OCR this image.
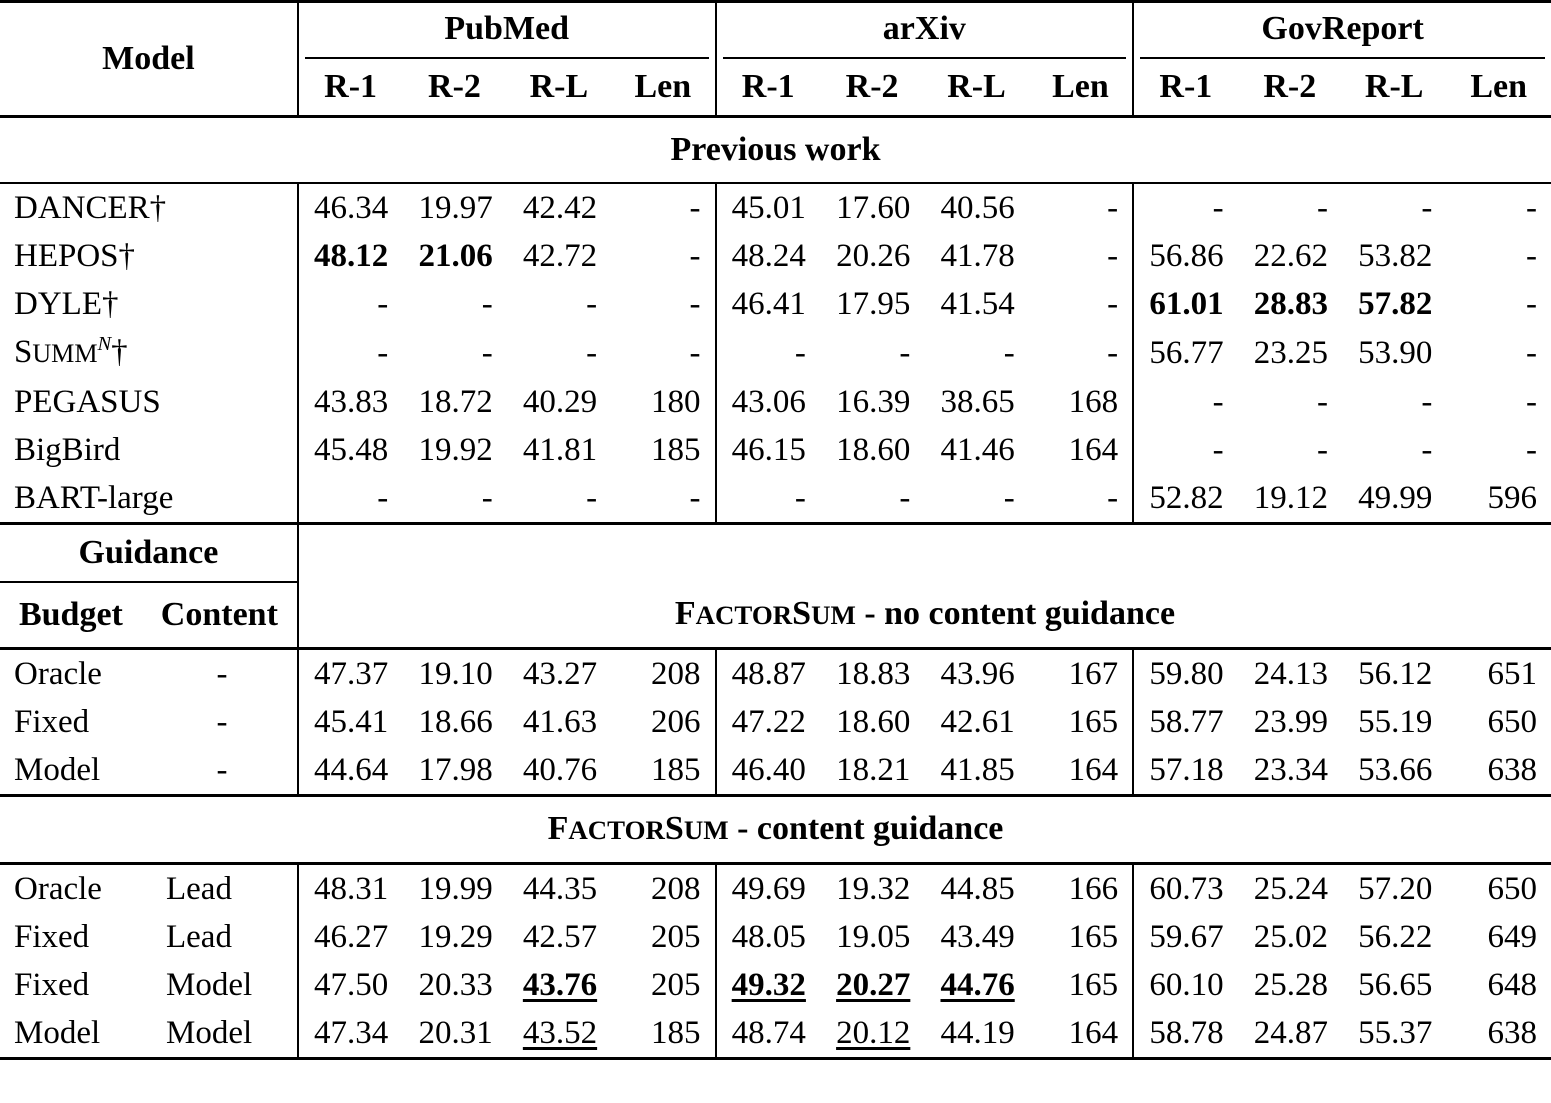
Model	PubMed				arXiv				GovReport			

	R-1	R-2	R-L	Len	R-1	R-2	R-L	Len	R-1	R-2	R-L	Len
Previous work												
DANCER†	46.34	19.97	42.42	-	45.01	17.60	40.56	-	-	-	-	-
HEPOS†	48.12	21.06	42.72	-	48.24	20.26	41.78	-	56.86	22.62	53.82	-
DYLE†	-	-	-	-	46.41	17.95	41.54	-	61.01	28.83	57.82	-
$SUMM^N\dagger$	-	-	-	-	-	-	-	-	56.77	23.25	53.90	-
PEGASUS	43.83	18.72	40.29	180	43.06	16.39	38.65	168	-	-	-	-
BigBird	45.48	19.92	41.81	185	46.15	18.60	41.46	164	-	-	-	-
BART-large	-	-	-	-	-	-	-	-	52.82	19.12	49.99	596
Guidance												

Budget Content	FACTORSUM - no content guidance											

Oracle -	47.37	19.10	43.27	208	48.87	18.83	43.96	167	59.80	24.13	56.12	651

Fixed -	45.41	18.66	41.63	206	47.22	18.60	42.61	165	58.77	23.99	55.19	650

Model -	44.64	17.98	40.76	185	46.40	18.21	41.85	164	57.18	23.34	53.66	638
FACTORSUM - content guidance												

Oracle Lead	48.31	19.99	44.35	208	49.69	19.32	44.85	166	60.73	25.24	57.20	650

Fixed Lead	46.27	19.29	42.57	205	48.05	19.05	43.49	165	59.67	25.02	56.22	649

Fixed Model	47.50	20.33	43.76	205	49.32	20.27	44.76	165	60.10	25.28	56.65	648

Model Model	47.34	20.31	43.52	185	48.74	20.12	44.19	164	58.78	24.87	55.37	638
